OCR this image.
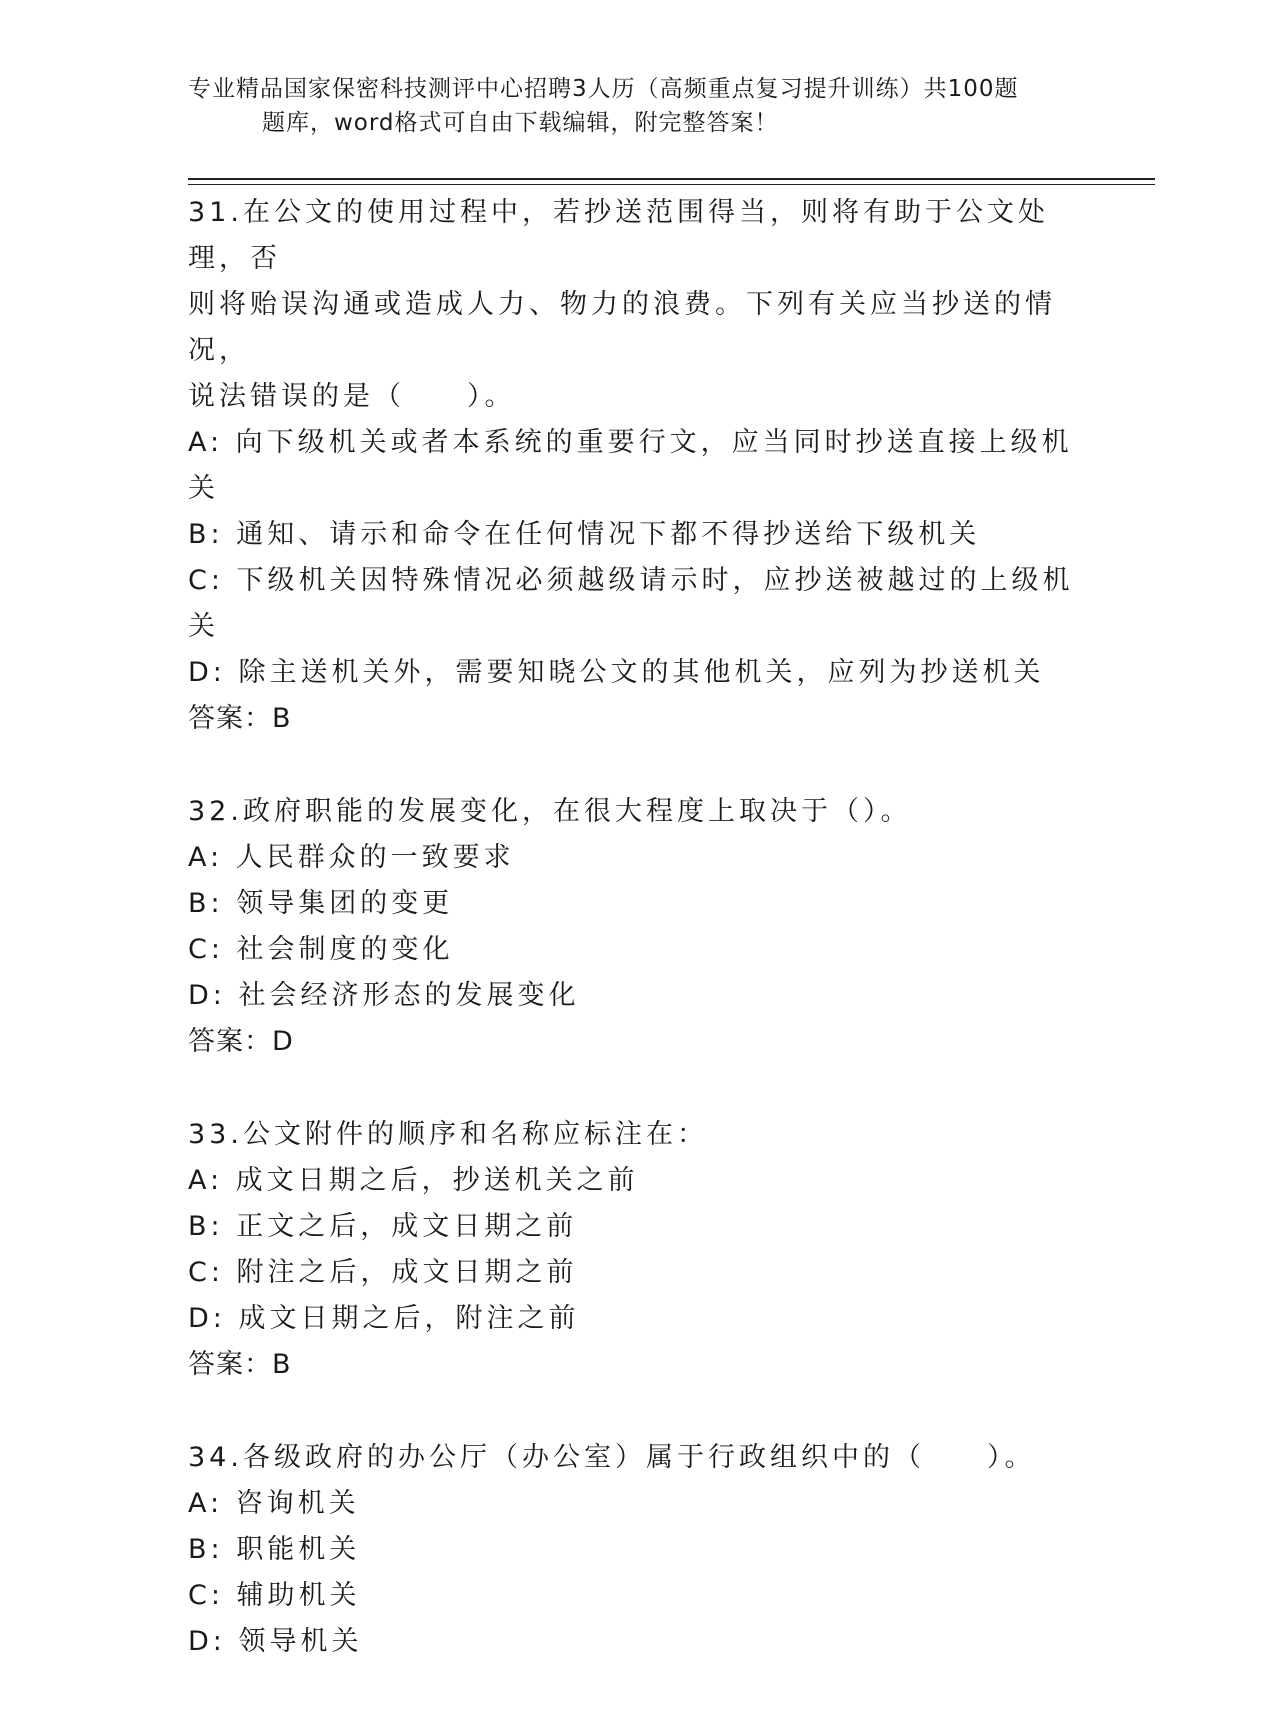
专业精品国家保密科技测评中心招聘3人历（高频重点复习提升训练）共100题
题库，word格式可自由下载编辑，附完整答案！
31.在公文的使用过程中，若抄送范围得当，则将有助于公文处理，否
则将贻误沟通或造成人力、物力的浪费。下列有关应当抄送的情况，
说法错误的是（　　）。
A: 向下级机关或者本系统的重要行文，应当同时抄送直接上级机关
B: 通知、请示和命令在任何情况下都不得抄送给下级机关
C: 下级机关因特殊情况必须越级请示时，应抄送被越过的上级机关
D: 除主送机关外，需要知晓公文的其他机关，应列为抄送机关
答案：B
32.政府职能的发展变化，在很大程度上取决于（）。
A: 人民群众的一致要求
B: 领导集团的变更
C: 社会制度的变化
D: 社会经济形态的发展变化
答案：D
33.公文附件的顺序和名称应标注在：
A: 成文日期之后，抄送机关之前
B: 正文之后，成文日期之前
C: 附注之后，成文日期之前
D: 成文日期之后，附注之前
答案：B
34.各级政府的办公厅（办公室）属于行政组织中的（　　）。
A: 咨询机关
B: 职能机关
C: 辅助机关
D: 领导机关
